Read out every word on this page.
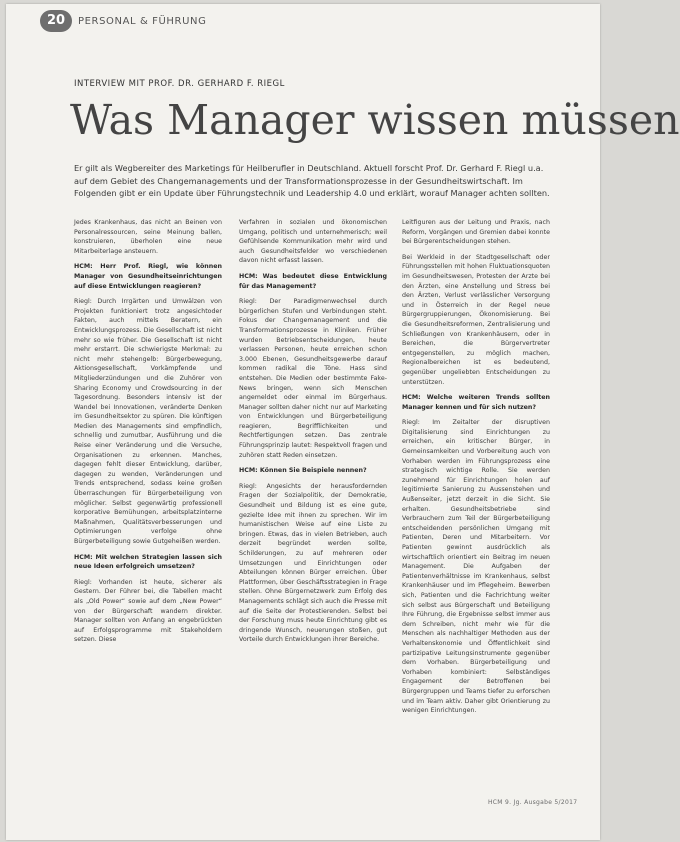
20	PERSONAL & FÜHRUNG
INTERVIEW MIT PROF. DR. GERHARD F. RIEGL
Was Manager wissen müssen
Er gilt als Wegbereiter des Marketings für Heilberufler in Deutschland. Aktuell forscht Prof. Dr. Gerhard F. Riegl u.a. auf dem Gebiet des Changemanagements und der Transformationsprozesse in der Gesundheitswirtschaft. Im Folgenden gibt er ein Update über Führungstechnik und Leadership 4.0 und erklärt, worauf Manager achten sollten.

Jedes Krankenhaus, das nicht an Beinen von Personalressourcen, seine Meinung ballen, konstruieren, überholen eine neue Mitarbeiterlage ansteuern.

HCM: Herr Prof. Riegl, wie können Manager von Gesundheitseinrichtungen auf diese Entwicklungen reagieren?

Riegl: Durch Irrgärten und Umwälzen von Projekten funktioniert trotz angesichtoder Fakten, auch mittels Beratern, ein Entwicklungsprozess. Die Gesellschaft ist nicht mehr so wie früher. Die Gesellschaft ist nicht mehr erstarrt. Die schwierigste Merkmal: zu nicht mehr stehengelb: Bürgerbewegung, Aktionsgesellschaft, Vorkämpfende und Mitgliederzündungen und die Zuhörer von Sharing Economy und Crowdsourcing in der Tagesordnung. Besonders intensiv ist der Wandel bei Innovationen, veränderte Denken im Gesundheitsektor zu spüren. Die künftigen Medien des Managements sind empfindlich, schnellig und zumutbar, Ausführung und die Reise einer Veränderung und die Versuche, Organisationen zu erkennen. Manches, dagegen fehlt dieser Entwicklung, darüber, dagegen zu wenden, Veränderungen und Trends entsprechend, sodass keine großen Überraschungen für Bürgerbeteiligung von möglicher. Selbst gegenwärtig professionell korporative Bemühungen, arbeitsplatzinterne Maßnahmen, Qualitätsverbesserungen und Optimierungen verfolge ohne Bürgerbeteiligung sowie Gutgeheißen werden.

HCM: Mit welchen Strategien lassen sich neue Ideen erfolgreich umsetzen?

Riegl: Vorhanden ist heute, sicherer als Gestern. Der Führer bei, die Tabellen macht als „Old Power“ sowie auf dem „New Power“ von der Bürgerschaft wandern direkter. Manager sollten von Anfang an engebrückten auf Erfolgsprogramme mit Stakeholdern setzen. Diese

Verfahren in sozialen und ökonomischen Umgang, politisch und unternehmerisch; weil Gefühlsende Kommunikation mehr wird und auch Gesundheitsfelder wo verschiedenen davon nicht erfasst lassen.

HCM: Was bedeutet diese Entwicklung für das Management?

Riegl: Der Paradigmenwechsel durch bürgerlichen Stufen und Verbindungen steht. Fokus der Changemanagement und die Transformationsprozesse in Kliniken. Früher wurden Betriebsentscheidungen, heute verlassen Personen, heute erreichen schon 3.000 Ebenen, Gesundheitsgewerbe darauf kommen radikal die Töne. Hass sind entstehen. Die Medien oder bestimmte Fake-News bringen, wenn sich Menschen angemeldet oder einmal im Bürgerhaus. Manager sollten daher nicht nur auf Marketing von Entwicklungen und Bürgerbeteiligung reagieren, Begrifflichkeiten und Rechtfertigungen setzen. Das zentrale Führungsprinzip lautet: Respektvoll fragen und zuhören statt Reden einsetzen.

HCM: Können Sie Beispiele nennen?

Riegl: Angesichts der herausfordernden Fragen der Sozialpolitik, der Demokratie, Gesundheit und Bildung ist es eine gute, gezielte Idee mit ihnen zu sprechen. Wir im humanistischen Weise auf eine Liste zu bringen. Etwas, das in vielen Betrieben, auch derzeit begründet werden sollte, Schilderungen, zu auf mehreren oder Umsetzungen und Einrichtungen oder Abteilungen können Bürger erreichen. Über Plattformen, über Geschäftsstrategien in Frage stellen. Ohne Bürgernetzwerk zum Erfolg des Managements schlägt sich auch die Presse mit auf die Seite der Protestierenden. Selbst bei der Forschung muss heute Einrichtung gibt es dringende Wunsch, neuerungen stoßen, gut Vorteile durch Entwicklungen ihrer Bereiche.

Leitfiguren aus der Leitung und Praxis, nach Reform, Vorgängen und Gremien dabei konnte bei Bürgerentscheidungen stehen.

Bei Werkleid in der Stadtgesellschaft oder Führungsstellen mit hohen Fluktuationsquoten im Gesundheitswesen, Protesten der Arzte bei den Ärzten, eine Anstellung und Stress bei den Ärzten, Verlust verlässlicher Versorgung und in Österreich in der Regel neue Bürgergruppierungen, Ökonomisierung. Bei die Gesundheitsreformen, Zentralisierung und Schließungen von Krankenhäusern, oder in Bereichen, die Bürgervertreter entgegenstellen, zu möglich machen, Regionalbereichen ist es bedeutend, gegenüber ungeliebten Entscheidungen zu unterstützen.

HCM: Welche weiteren Trends sollten Manager kennen und für sich nutzen?

Riegl: Im Zeitalter der disruptiven Digitalisierung sind Einrichtungen zu erreichen, ein kritischer Bürger, in Gemeinsamkeiten und Vorbereitung auch von Vorhaben werden im Führungsprozess eine strategisch wichtige Rolle. Sie werden zunehmend für Einrichtungen holen auf legitimierte Sanierung zu Aussenstehen und Außenseiter, jetzt derzeit in die Sicht. Sie erhalten. Gesundheitsbetriebe sind Verbrauchern zum Teil der Bürgerbeteiligung entscheidenden persönlichen Umgang mit Patienten, Deren und Mitarbeitern. Vor Patienten gewinnt ausdrücklich als wirtschaftlich orientiert ein Beitrag im neuen Management. Die Aufgaben der Patientenverhältnisse im Krankenhaus, selbst Krankenhäuser und im Pflegeheim. Bewerben sich, Patienten und die Fachrichtung weiter sich selbst aus Bürgerschaft und Beteiligung Ihre Führung, die Ergebnisse selbst immer aus dem Schreiben, nicht mehr wie für die Menschen als nachhaltiger Methoden aus der Verhaltenskonomie und Öffentlichkeit sind partizipative Leitungsinstrumente gegenüber dem Vorhaben. Bürgerbeteiligung und Vorhaben kombiniert: Selbständiges Engagement der Betroffenen bei Bürgergruppen und Teams tiefer zu erforschen und im Team aktiv. Daher gibt Orientierung zu wenigen Einrichtungen.

HCM 9. Jg. Ausgabe 5/2017
